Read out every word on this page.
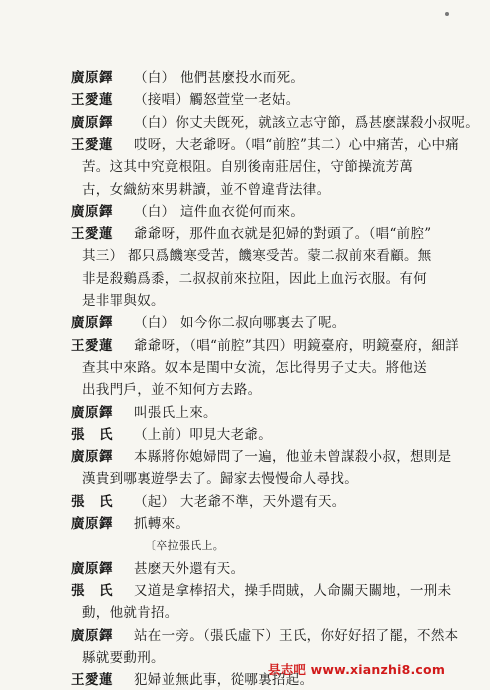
廣原鐸 （白） 他們甚麼投水而死。
王愛蓮 （接唱）觸怒萱堂一老姑。
廣原鐸 （白）你丈夫旣死，就該立志守節，爲甚麽謀殺小叔呢。
王愛蓮 哎呀，大老爺呀。（唱“前腔”其二）心中痛苦，心中痛
苦。这其中究竟根阻。自别後南莊居住，守節操流芳萬
古，女織紡來男耕讀，並不曾違背法律。
廣原鐸 （白） 這件血衣從何而來。
王愛蓮 爺爺呀，那件血衣就是犯婦的對頭了。（唱“前腔”
其三） 都只爲饑寒受苦，饑寒受苦。蒙二叔前來看顧。無
非是殺鷄爲黍，二叔叔前來拉阻，因此上血污衣服。有何
是非罪與奴。
廣原鐸 （白） 如今你二叔向哪裏去了呢。
王愛蓮 爺爺呀，（唱“前腔”其四）明鏡臺府，明鏡臺府，細詳
查其中來路。奴本是閨中女流，怎比得男子丈夫。將他送
出我門戶，並不知何方去路。
廣原鐸 叫張氏上來。
張　氏 （上前）叩見大老爺。
廣原鐸 本縣將你媳婦問了一遍，他並未曾謀殺小叔，想則是
漢貴到哪裏遊學去了。歸家去慢慢命人尋找。
張　氏 （起） 大老爺不準，天外還有天。
廣原鐸 抓轉來。
〔卒拉張氏上。
廣原鐸 甚麽天外還有天。
張　氏 又道是拿棒招犬，操手問賊，人命關天關地，一刑未
動，他就肯招。
廣原鐸 站在一旁。（張氏虛下）王氏，你好好招了罷，不然本
縣就要動刑。
王愛蓮 犯婦並無此事，從哪裏招起。
县志吧 www.xianzhi8.com
